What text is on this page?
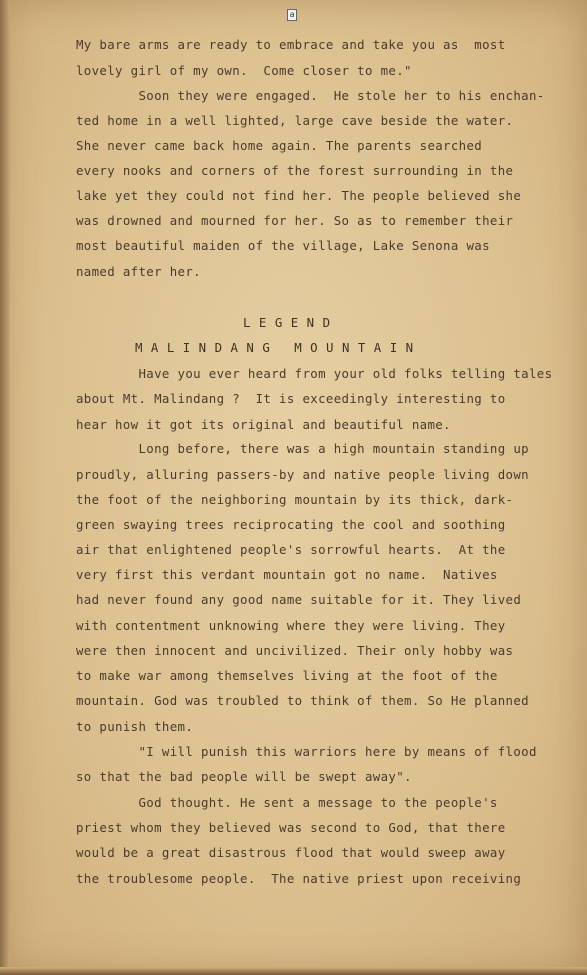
a
My bare arms are ready to embrace and take you as  most
lovely girl of my own.  Come closer to me."
Soon they were engaged.  He stole her to his enchan-
ted home in a well lighted, large cave beside the water.
She never came back home again. The parents searched
every nooks and corners of the forest surrounding in the
lake yet they could not find her. The people believed she
was drowned and mourned for her. So as to remember their
most beautiful maiden of the village, Lake Senona was
named after her.
Have you ever heard from your old folks telling tales
about Mt. Malindang ?  It is exceedingly interesting to
hear how it got its original and beautiful name.
Long before, there was a high mountain standing up
proudly, alluring passers-by and native people living down
the foot of the neighboring mountain by its thick, dark-
green swaying trees reciprocating the cool and soothing
air that enlightened people's sorrowful hearts.  At the
very first this verdant mountain got no name.  Natives
had never found any good name suitable for it. They lived
with contentment unknowing where they were living. They
were then innocent and uncivilized. Their only hobby was
to make war among themselves living at the foot of the
mountain. God was troubled to think of them. So He planned
to punish them.
"I will punish this warriors here by means of flood
so that the bad people will be swept away".
God thought. He sent a message to the people's
priest whom they believed was second to God, that there
would be a great disastrous flood that would sweep away
the troublesome people.  The native priest upon receiving
L E G E N D
M A L I N D A N G   M O U N T A I N
